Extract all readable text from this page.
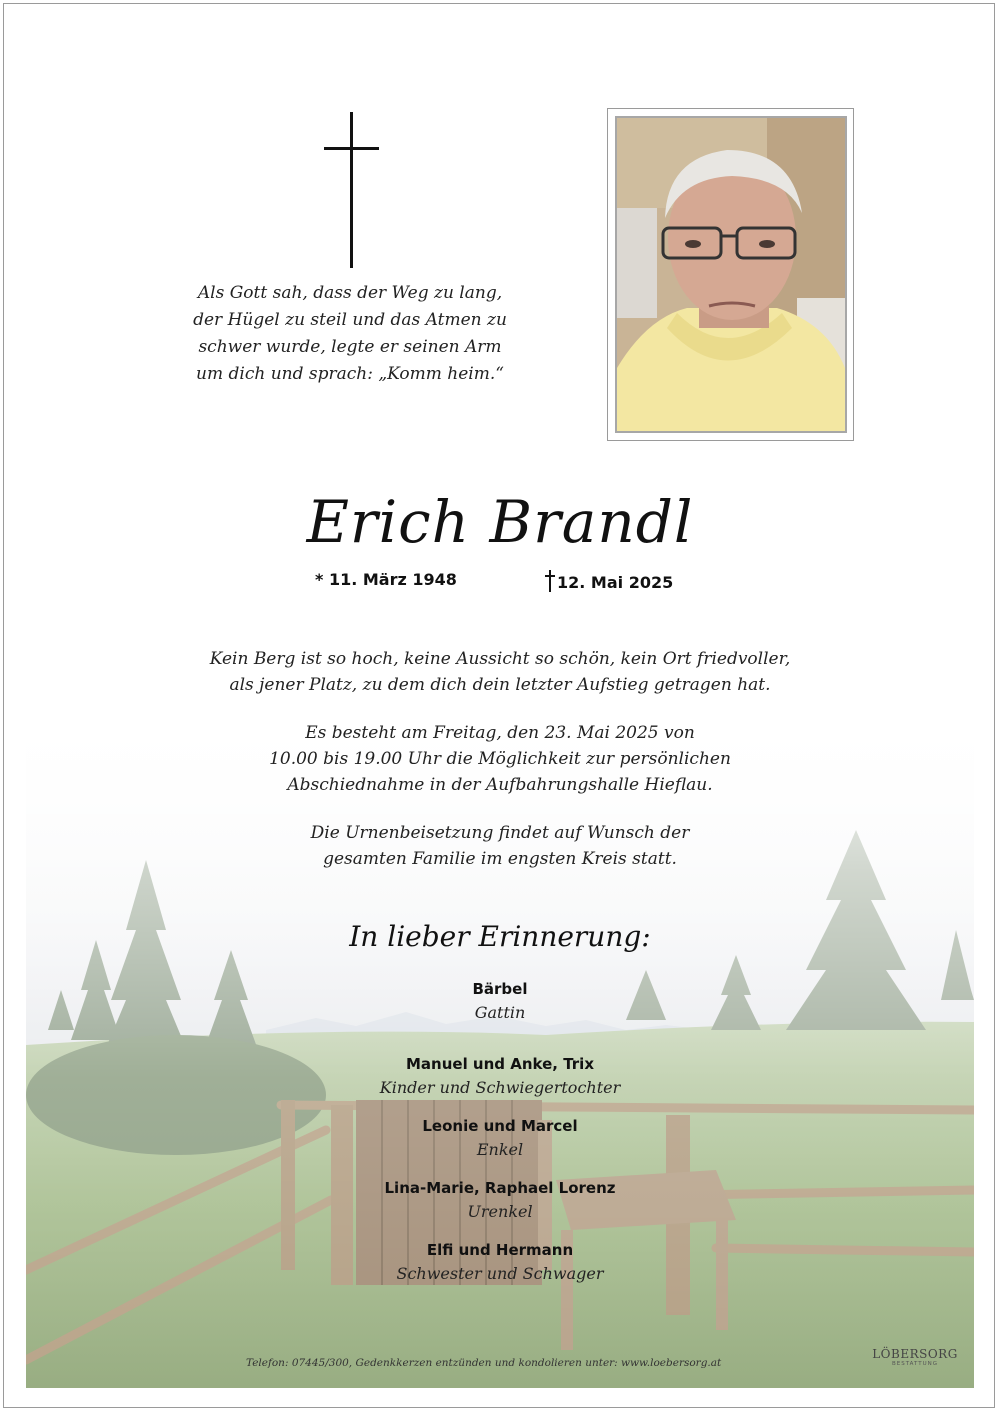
Als Gott sah, dass der Weg zu lang,
der Hügel zu steil und das Atmen zu
schwer wurde, legte er seinen Arm
um dich und sprach: „Komm heim.“
Erich Brandl
* 11. März 1948	12. Mai 2025
Kein Berg ist so hoch, keine Aussicht so schön, kein Ort friedvoller,
als jener Platz, zu dem dich dein letzter Aufstieg getragen hat.
Es besteht am Freitag, den 23. Mai 2025 von
10.00 bis 19.00 Uhr die Möglichkeit zur persönlichen
Abschiednahme in der Aufbahrungshalle Hieflau.
Die Urnenbeisetzung findet auf Wunsch der
gesamten Familie im engsten Kreis statt.
In lieber Erinnerung:
Bärbel
Gattin
Manuel und Anke, Trix
Kinder und Schwiegertochter
Leonie und Marcel
Enkel
Lina-Marie, Raphael Lorenz
Urenkel
Elfi und Hermann
Schwester und Schwager
Telefon: 07445/300, Gedenkkerzen entzünden und kondolieren unter: www.loebersorg.at
LÖBERSORG
BESTATTUNG
